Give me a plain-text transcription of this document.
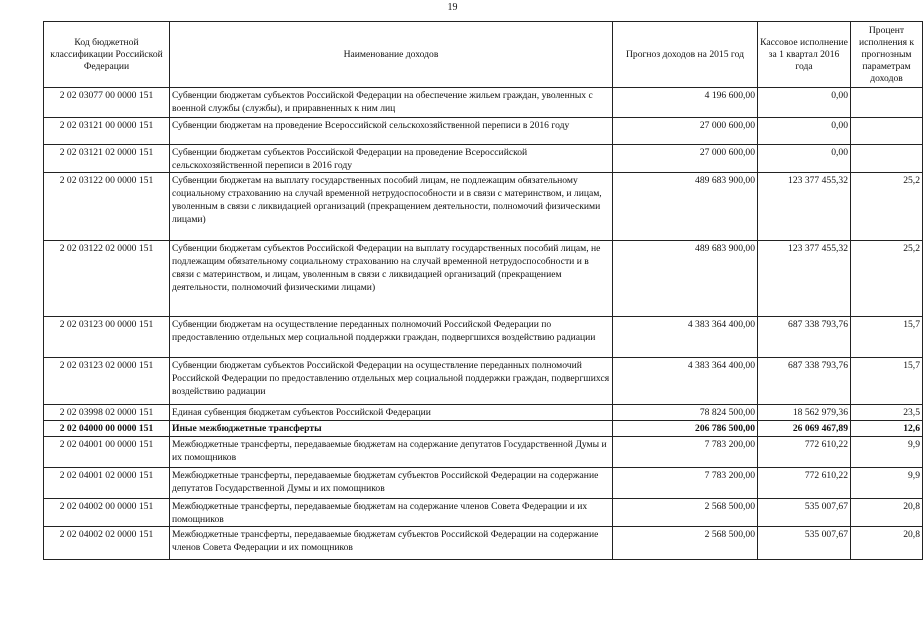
19
Код бюджетной классификации Российской Федерации	Наименование доходов	Прогноз доходов на 2015 год	Кассовое исполнение за 1 квартал 2016 года	Процент исполнения к прогнозным параметрам доходов
2 02 03077 00 0000 151	Субвенции бюджетам субъектов Российской Федерации на обеспечение жильем граждан, уволенных с военной службы (службы), и приравненных к ним лиц	4 196 600,00	0,00	
2 02 03121 00 0000 151	Субвенции бюджетам на проведение Всероссийской сельскохозяйственной переписи в 2016 году	27 000 600,00	0,00	
2 02 03121 02 0000 151	Субвенции бюджетам субъектов Российской Федерации на проведение Всероссийской сельскохозяйственной переписи в 2016 году	27 000 600,00	0,00	
2 02 03122 00 0000 151	Субвенции бюджетам на выплату государственных пособий лицам, не подлежащим обязательному социальному страхованию на случай временной нетрудоспособности и в связи с материнством, и лицам, уволенным в связи с ликвидацией организаций (прекращением деятельности, полномочий физическими лицами)	489 683 900,00	123 377 455,32	25,2
2 02 03122 02 0000 151	Субвенции бюджетам субъектов Российской Федерации на выплату государственных пособий лицам, не подлежащим обязательному социальному страхованию на случай временной нетрудоспособности и в связи с материнством, и лицам, уволенным в связи с ликвидацией организаций (прекращением деятельности, полномочий физическими лицами)	489 683 900,00	123 377 455,32	25,2
2 02 03123 00 0000 151	Субвенции бюджетам на осуществление переданных полномочий Российской Федерации по предоставлению отдельных мер социальной поддержки граждан, подвергшихся воздействию радиации	4 383 364 400,00	687 338 793,76	15,7
2 02 03123 02 0000 151	Субвенции бюджетам субъектов Российской Федерации на осуществление переданных полномочий Российской Федерации по предоставлению отдельных мер социальной поддержки граждан, подвергшихся воздействию радиации	4 383 364 400,00	687 338 793,76	15,7
2 02 03998 02 0000 151	Единая субвенция бюджетам субъектов Российской Федерации	78 824 500,00	18 562 979,36	23,5
2 02 04000 00 0000 151	Иные межбюджетные трансферты	206 786 500,00	26 069 467,89	12,6
2 02 04001 00 0000 151	Межбюджетные трансферты, передаваемые бюджетам на содержание депутатов Государственной Думы и их помощников	7 783 200,00	772 610,22	9,9
2 02 04001 02 0000 151	Межбюджетные трансферты, передаваемые бюджетам субъектов Российской Федерации на содержание депутатов Государственной Думы и их помощников	7 783 200,00	772 610,22	9,9
2 02 04002 00 0000 151	Межбюджетные трансферты, передаваемые бюджетам на содержание членов Совета Федерации и их помощников	2 568 500,00	535 007,67	20,8
2 02 04002 02 0000 151	Межбюджетные трансферты, передаваемые бюджетам субъектов Российской Федерации на содержание членов Совета Федерации и их помощников	2 568 500,00	535 007,67	20,8
